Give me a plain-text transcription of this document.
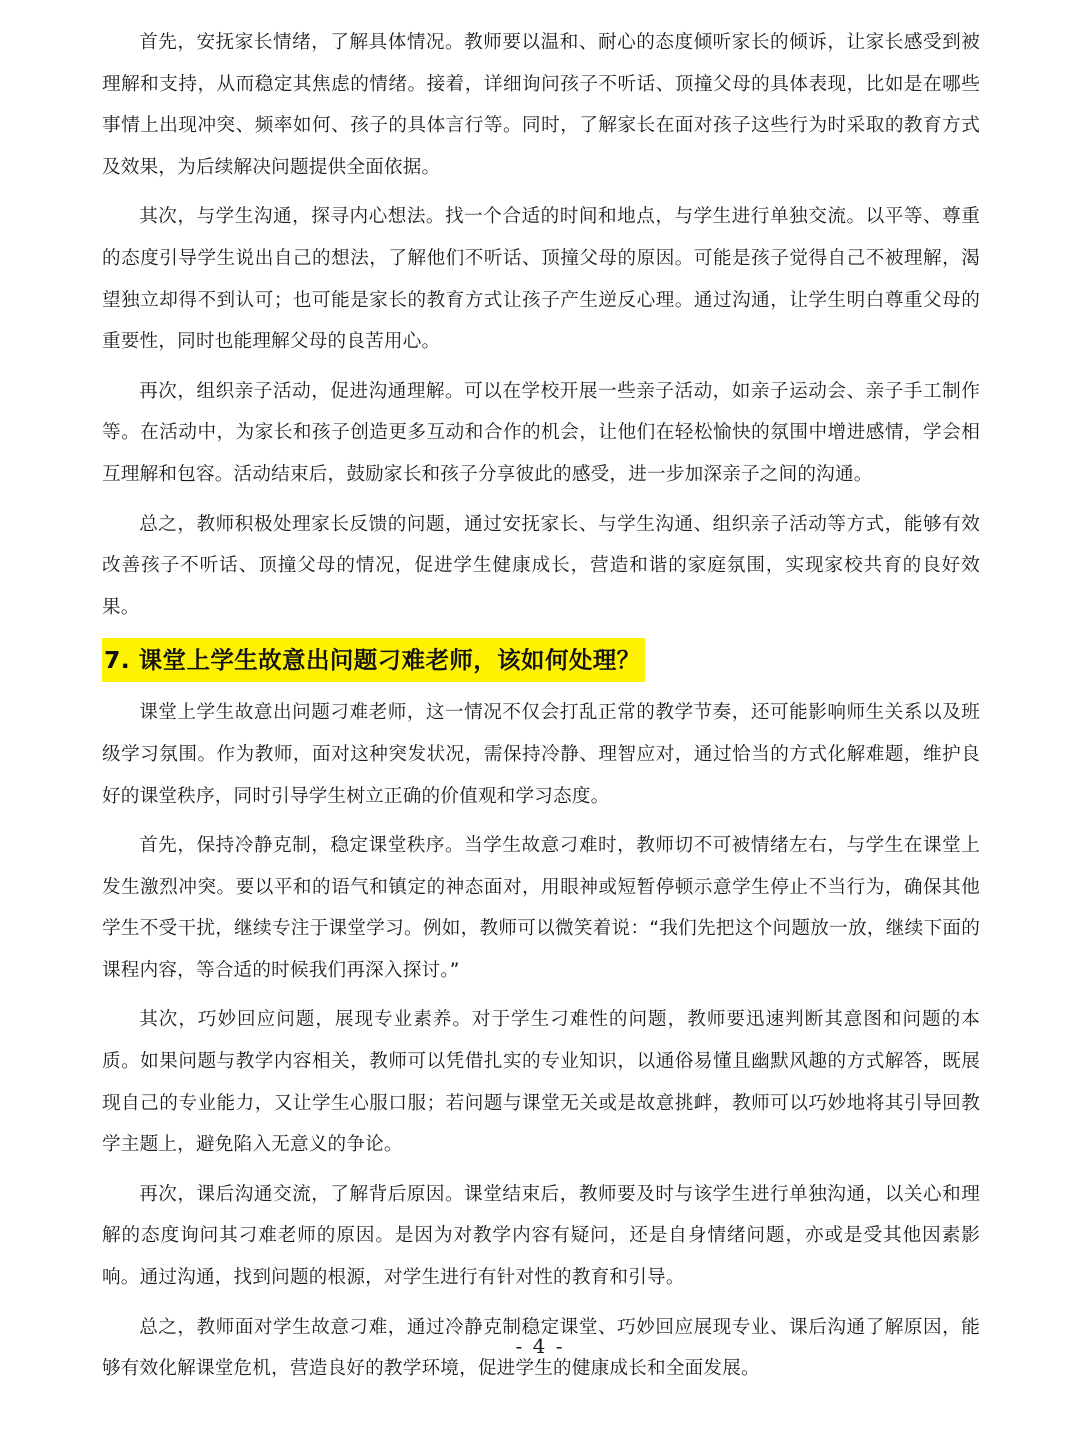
首先，安抚家长情绪，了解具体情况。教师要以温和、耐心的态度倾听家长的倾诉，让家长感受到被理解和支持，从而稳定其焦虑的情绪。接着，详细询问孩子不听话、顶撞父母的具体表现，比如是在哪些事情上出现冲突、频率如何、孩子的具体言行等。同时，了解家长在面对孩子这些行为时采取的教育方式及效果，为后续解决问题提供全面依据。

其次，与学生沟通，探寻内心想法。找一个合适的时间和地点，与学生进行单独交流。以平等、尊重的态度引导学生说出自己的想法，了解他们不听话、顶撞父母的原因。可能是孩子觉得自己不被理解，渴望独立却得不到认可；也可能是家长的教育方式让孩子产生逆反心理。通过沟通，让学生明白尊重父母的重要性，同时也能理解父母的良苦用心。

再次，组织亲子活动，促进沟通理解。可以在学校开展一些亲子活动，如亲子运动会、亲子手工制作等。在活动中，为家长和孩子创造更多互动和合作的机会，让他们在轻松愉快的氛围中增进感情，学会相互理解和包容。活动结束后，鼓励家长和孩子分享彼此的感受，进一步加深亲子之间的沟通。

总之，教师积极处理家长反馈的问题，通过安抚家长、与学生沟通、组织亲子活动等方式，能够有效改善孩子不听话、顶撞父母的情况，促进学生健康成长，营造和谐的家庭氛围，实现家校共育的良好效果。

7. 课堂上学生故意出问题刁难老师，该如何处理？

课堂上学生故意出问题刁难老师，这一情况不仅会打乱正常的教学节奏，还可能影响师生关系以及班级学习氛围。作为教师，面对这种突发状况，需保持冷静、理智应对，通过恰当的方式化解难题，维护良好的课堂秩序，同时引导学生树立正确的价值观和学习态度。

首先，保持冷静克制，稳定课堂秩序。当学生故意刁难时，教师切不可被情绪左右，与学生在课堂上发生激烈冲突。要以平和的语气和镇定的神态面对，用眼神或短暂停顿示意学生停止不当行为，确保其他学生不受干扰，继续专注于课堂学习。例如，教师可以微笑着说：“我们先把这个问题放一放，继续下面的课程内容，等合适的时候我们再深入探讨。”

其次，巧妙回应问题，展现专业素养。对于学生刁难性的问题，教师要迅速判断其意图和问题的本质。如果问题与教学内容相关，教师可以凭借扎实的专业知识，以通俗易懂且幽默风趣的方式解答，既展现自己的专业能力，又让学生心服口服；若问题与课堂无关或是故意挑衅，教师可以巧妙地将其引导回教学主题上，避免陷入无意义的争论。

再次，课后沟通交流，了解背后原因。课堂结束后，教师要及时与该学生进行单独沟通，以关心和理解的态度询问其刁难老师的原因。是因为对教学内容有疑问，还是自身情绪问题，亦或是受其他因素影响。通过沟通，找到问题的根源，对学生进行有针对性的教育和引导。

总之，教师面对学生故意刁难，通过冷静克制稳定课堂、巧妙回应展现专业、课后沟通了解原因，能够有效化解课堂危机，营造良好的教学环境，促进学生的健康成长和全面发展。

- 4 -
